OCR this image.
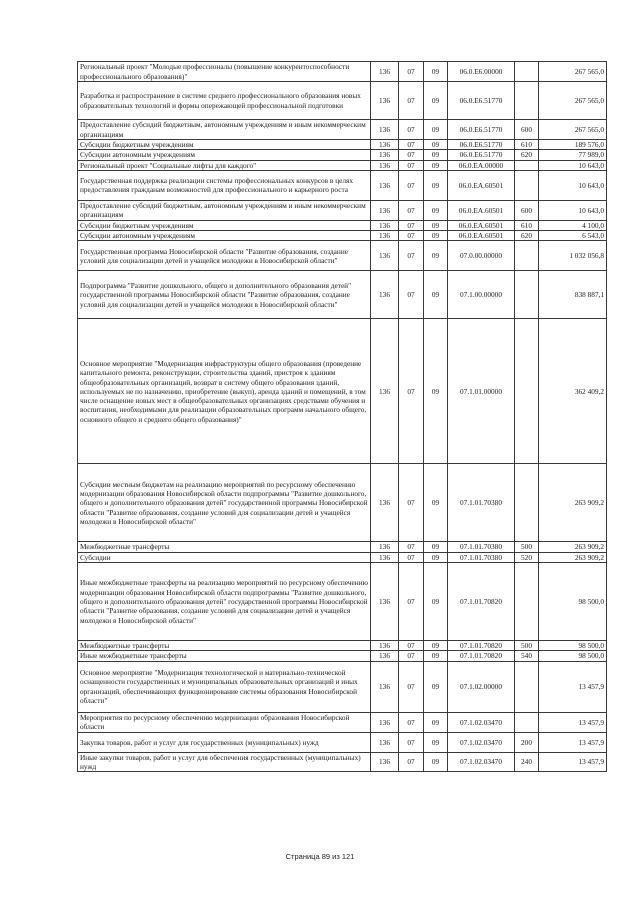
Региональный проект "Молодые профессионалы (повышение конкурентоспособности профессионального образования)"	136	07	09	06.0.E6.00000		267 565,0
Разработка и распространение в системе среднего профессионального образования новых образовательных технологий и формы опережающей профессиональной подготовки	136	07	09	06.0.E6.51770		267 565,0
Предоставление субсидий бюджетным, автономным учреждениям и иным некоммерческим организациям	136	07	09	06.0.E6.51770	600	267 565,0
Субсидии бюджетным учреждениям	136	07	09	06.0.E6.51770	610	189 576,0
Субсидии автономным учреждениям	136	07	09	06.0.E6.51770	620	77 989,0
Региональный проект "Социальные лифты для каждого"	136	07	09	06.0.EA.00000		10 643,0
Государственная поддержка реализации системы профессиональных конкурсов в целях предоставления гражданам возможностей для профессионального и карьерного роста	136	07	09	06.0.EA.60501		10 643,0
Предоставление субсидий бюджетным, автономным учреждениям и иным некоммерческим организациям	136	07	09	06.0.EA.60501	600	10 643,0
Субсидии бюджетным учреждениям	136	07	09	06.0.EA.60501	610	4 100,0
Субсидии автономным учреждениям	136	07	09	06.0.EA.60501	620	6 543,0
Государственная программа Новосибирской области "Развитие образования, создание условий для социализации детей и учащейся молодежи в Новосибирской области"	136	07	09	07.0.00.00000		1 032 056,8
Подпрограмма "Развитие дошкольного, общего и дополнительного образования детей" государственной программы Новосибирской области "Развитие образования, создание условий для социализации детей и учащейся молодежи в Новосибирской области"	136	07	09	07.1.00.00000		838 887,1
Основное мероприятие "Модернизация инфраструктуры общего образования (проведение капитального ремонта, реконструкции, строительства зданий, пристроя к зданиям общеобразовательных организаций, возврат в систему общего образования зданий, используемых не по назначению, приобретение (выкуп), аренда зданий и помещений, в том числе оснащение новых мест в общеобразовательных организациях средствами обучения и воспитания, необходимыми для реализации образовательных программ начального общего, основного общего и среднего общего образования)"	136	07	09	07.1.01.00000		362 409,2
Субсидии местным бюджетам на реализацию мероприятий по ресурсному обеспечению модернизации образования Новосибирской области подпрограммы "Развитие дошкольного, общего и дополнительного образования детей" государственной программы Новосибирской области "Развитие образования, создание условий для социализации детей и учащейся молодежи в Новосибирской области"	136	07	09	07.1.01.70380		263 909,2
Межбюджетные трансферты	136	07	09	07.1.01.70380	500	263 909,2
Субсидии	136	07	09	07.1.01.70380	520	263 909,2
Иные межбюджетные трансферты на реализацию мероприятий по ресурсному обеспечению модернизации образования Новосибирской области подпрограммы "Развитие дошкольного, общего и дополнительного образования детей" государственной программы Новосибирской области "Развитие образования, создание условий для социализации детей и учащейся молодежи в Новосибирской области"	136	07	09	07.1.01.70820		98 500,0
Межбюджетные трансферты	136	07	09	07.1.01.70820	500	98 500,0
Иные межбюджетные трансферты	136	07	09	07.1.01.70820	540	98 500,0
Основное мероприятие "Модернизация технологической и материально-технической оснащенности государственных и муниципальных образовательных организаций и иных организаций, обеспечивающих функционирование системы образования Новосибирской области"	136	07	09	07.1.02.00000		13 457,9
Мероприятия по ресурсному обеспечению модернизации образования Новосибирской области	136	07	09	07.1.02.03470		13 457,9
Закупка товаров, работ и услуг для государственных (муниципальных) нужд	136	07	09	07.1.02.03470	200	13 457,9
Иные закупки товаров, работ и услуг для обеспечения государственных (муниципальных) нужд	136	07	09	07.1.02.03470	240	13 457,9
Страница 89 из 121
